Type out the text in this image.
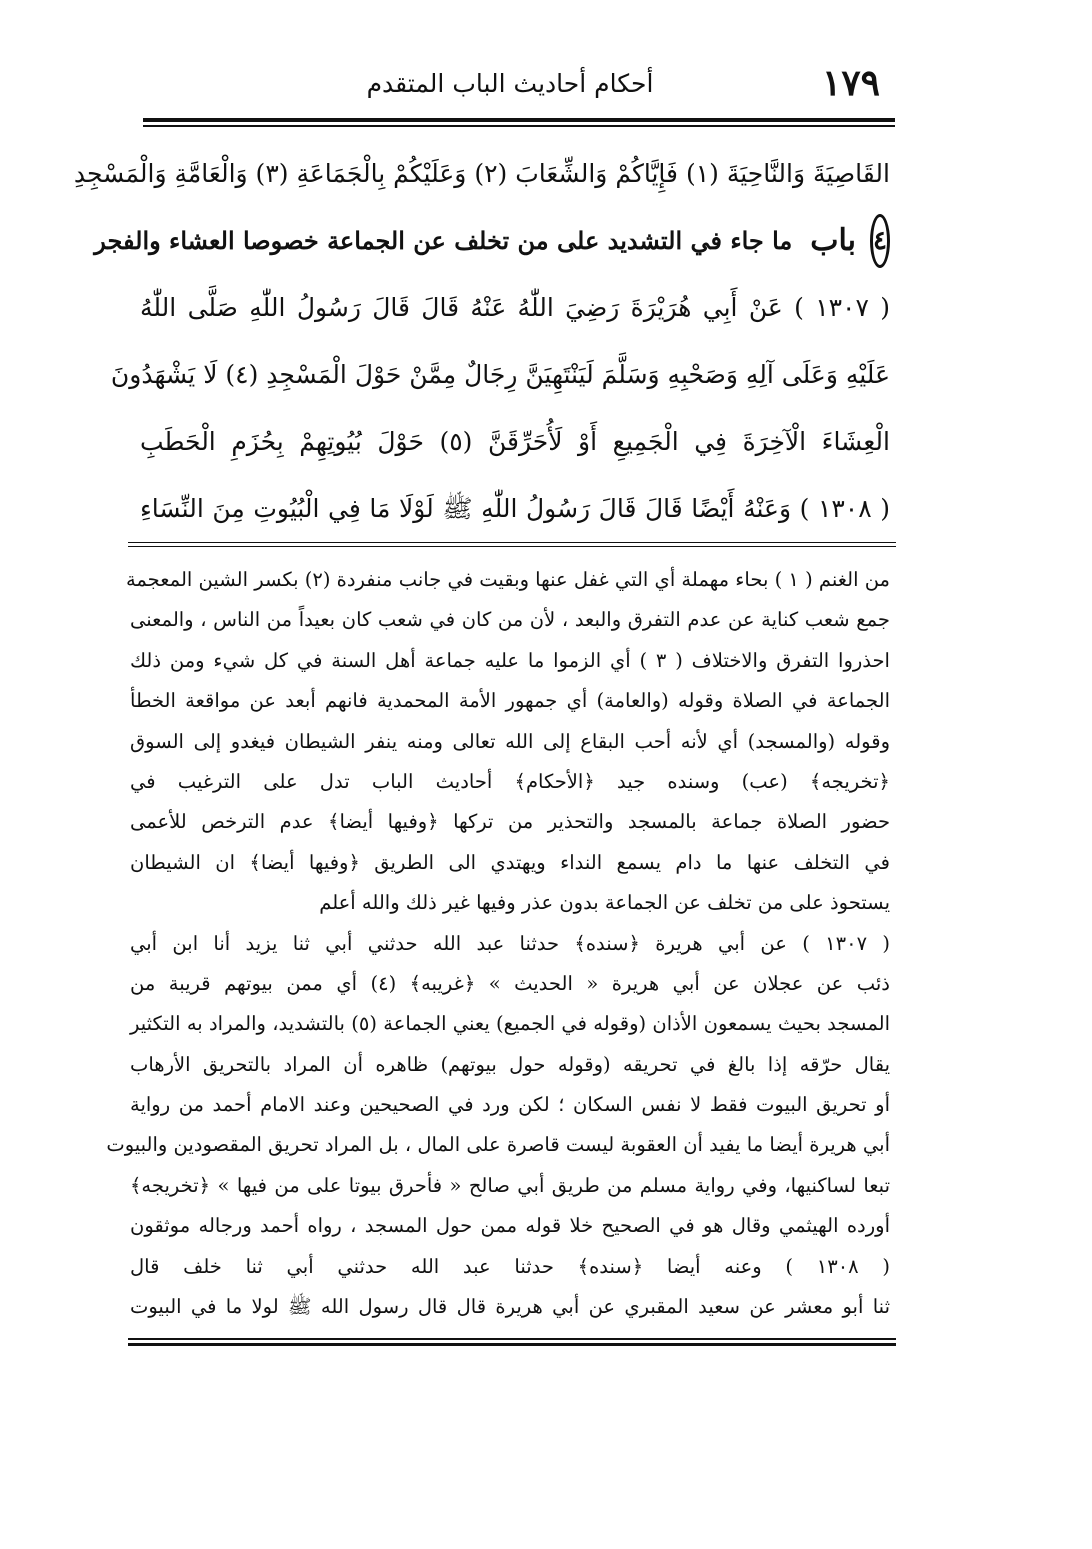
١٧٩
أحكام أحاديث الباب المتقدم
القَاصِيَةَ وَالنَّاحِيَةَ (١) فَإِيَّاكُمْ وَالشِّعَابَ (٢) وَعَلَيْكُمْ بِالْجَمَاعَةِ (٣) وَالْعَامَّةِ وَالْمَسْجِدِ
٤
باب
ما جاء في التشديد على من تخلف عن الجماعة خصوصا العشاء والفجر
( ١٣٠٧ ) عَنْ أَبِي هُرَيْرَةَ رَضِيَ اللّٰهُ عَنْهُ قَالَ قَالَ رَسُولُ اللّٰهِ صَلَّى اللّٰهُ
عَلَيْهِ وَعَلَى آلِهِ وَصَحْبِهِ وَسَلَّمَ لَيَنْتَهِيَنَّ رِجَالٌ مِمَّنْ حَوْلَ الْمَسْجِدِ (٤) لَا يَشْهَدُونَ
الْعِشَاءَ الْآخِرَةَ فِي الْجَمِيعِ أَوْ لَأُحَرِّقَنَّ (٥) حَوْلَ بُيُوتِهِمْ بِحُزَمِ الْحَطَبِ
( ١٣٠٨ ) وَعَنْهُ أَيْضًا قَالَ قَالَ رَسُولُ اللّٰهِ ﷺ لَوْلَا مَا فِي الْبُيُوتِ مِنَ النِّسَاءِ
من الغنم ( ١ ) بحاء مهملة أي التي غفل عنها وبقيت في جانب منفردة (٢) بكسر الشين المعجمة
جمع شعب كناية عن عدم التفرق والبعد ، لأن من كان في شعب كان بعيداً من الناس ، والمعنى
احذروا التفرق والاختلاف ( ٣ ) أي الزموا ما عليه جماعة أهل السنة في كل شيء ومن ذلك
الجماعة في الصلاة وقوله (والعامة) أي جمهور الأمة المحمدية فانهم أبعد عن مواقعة الخطأ
وقوله (والمسجد) أي لأنه أحب البقاع إلى الله تعالى ومنه ينفر الشيطان فيغدو إلى السوق
﴿تخريجه﴾ (عب) وسنده جيد ﴿الأحكام﴾ أحاديث الباب تدل على الترغيب في
حضور الصلاة جماعة بالمسجد والتحذير من تركها ﴿وفيها أيضا﴾ عدم الترخص للأعمى
في التخلف عنها ما دام يسمع النداء ويهتدي الى الطريق ﴿وفيها أيضا﴾ ان الشيطان
يستحوذ على من تخلف عن الجماعة بدون عذر وفيها غير ذلك والله أعلم
( ١٣٠٧ ) عن أبي هريرة ﴿سنده﴾ حدثنا عبد الله حدثني أبي ثنا يزيد أنا ابن أبي
ذئب عن عجلان عن أبي هريرة « الحديث » ﴿غريبه﴾ (٤) أي ممن بيوتهم قريبة من
المسجد بحيث يسمعون الأذان (وقوله في الجميع) يعني الجماعة (٥) بالتشديد، والمراد به التكثير
يقال حرّقه إذا بالغ في تحريقه (وقوله حول بيوتهم) ظاهره أن المراد بالتحريق الأرهاب
أو تحريق البيوت فقط لا نفس السكان ؛ لكن ورد في الصحيحين وعند الامام أحمد من رواية
أبي هريرة أيضا ما يفيد أن العقوبة ليست قاصرة على المال ، بل المراد تحريق المقصودين والبيوت
تبعا لساكنيها، وفي رواية مسلم من طريق أبي صالح « فأحرق بيوتا على من فيها » ﴿تخريجه﴾
أورده الهيثمي وقال هو في الصحيح خلا قوله ممن حول المسجد ، رواه أحمد ورجاله موثقون
( ١٣٠٨ ) وعنه أيضا ﴿سنده﴾ حدثنا عبد الله حدثني أبي ثنا خلف قال
ثنا أبو معشر عن سعيد المقبري عن أبي هريرة قال قال رسول الله ﷺ لولا ما في البيوت
